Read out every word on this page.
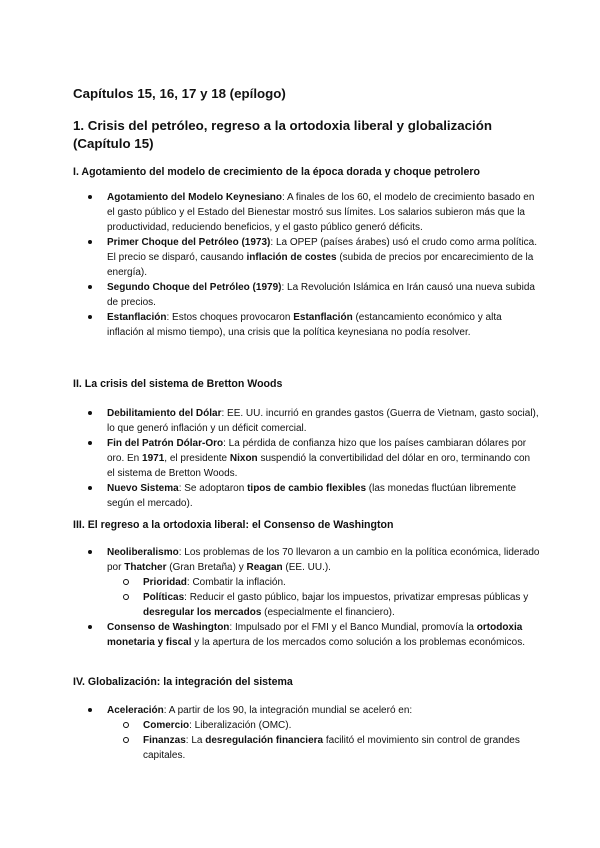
Capítulos 15, 16, 17 y 18 (epílogo)
1. Crisis del petróleo, regreso a la ortodoxia liberal y globalización (Capítulo 15)
I. Agotamiento del modelo de crecimiento de la época dorada y choque petrolero
Agotamiento del Modelo Keynesiano: A finales de los 60, el modelo de crecimiento basado en el gasto público y el Estado del Bienestar mostró sus límites. Los salarios subieron más que la productividad, reduciendo beneficios, y el gasto público generó déficits.
Primer Choque del Petróleo (1973): La OPEP (países árabes) usó el crudo como arma política. El precio se disparó, causando inflación de costes (subida de precios por encarecimiento de la energía).
Segundo Choque del Petróleo (1979): La Revolución Islámica en Irán causó una nueva subida de precios.
Estanflación: Estos choques provocaron Estanflación (estancamiento económico y alta inflación al mismo tiempo), una crisis que la política keynesiana no podía resolver.
II. La crisis del sistema de Bretton Woods
Debilitamiento del Dólar: EE. UU. incurrió en grandes gastos (Guerra de Vietnam, gasto social), lo que generó inflación y un déficit comercial.
Fin del Patrón Dólar-Oro: La pérdida de confianza hizo que los países cambiaran dólares por oro. En 1971, el presidente Nixon suspendió la convertibilidad del dólar en oro, terminando con el sistema de Bretton Woods.
Nuevo Sistema: Se adoptaron tipos de cambio flexibles (las monedas fluctúan libremente según el mercado).
III. El regreso a la ortodoxia liberal: el Consenso de Washington
Neoliberalismo: Los problemas de los 70 llevaron a un cambio en la política económica, liderado por Thatcher (Gran Bretaña) y Reagan (EE. UU.).
Prioridad: Combatir la inflación.
Políticas: Reducir el gasto público, bajar los impuestos, privatizar empresas públicas y desregular los mercados (especialmente el financiero).
Consenso de Washington: Impulsado por el FMI y el Banco Mundial, promovía la ortodoxia monetaria y fiscal y la apertura de los mercados como solución a los problemas económicos.
IV. Globalización: la integración del sistema
Aceleración: A partir de los 90, la integración mundial se aceleró en:
Comercio: Liberalización (OMC).
Finanzas: La desregulación financiera facilitó el movimiento sin control de grandes capitales.
